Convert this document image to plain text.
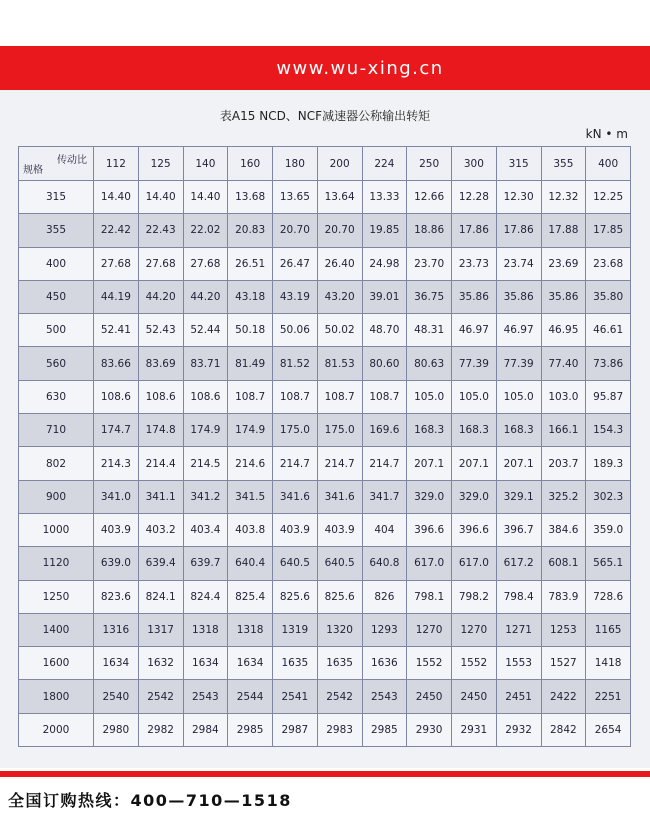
www.wu-xing.cn
表A15 NCD、NCF减速器公称输出转矩
kN • m
传动比
规格	112	125	140	160	180	200	224	250	300	315	355	400
315	14.40	14.40	14.40	13.68	13.65	13.64	13.33	12.66	12.28	12.30	12.32	12.25
355	22.42	22.43	22.02	20.83	20.70	20.70	19.85	18.86	17.86	17.86	17.88	17.85
400	27.68	27.68	27.68	26.51	26.47	26.40	24.98	23.70	23.73	23.74	23.69	23.68
450	44.19	44.20	44.20	43.18	43.19	43.20	39.01	36.75	35.86	35.86	35.86	35.80
500	52.41	52.43	52.44	50.18	50.06	50.02	48.70	48.31	46.97	46.97	46.95	46.61
560	83.66	83.69	83.71	81.49	81.52	81.53	80.60	80.63	77.39	77.39	77.40	73.86
630	108.6	108.6	108.6	108.7	108.7	108.7	108.7	105.0	105.0	105.0	103.0	95.87
710	174.7	174.8	174.9	174.9	175.0	175.0	169.6	168.3	168.3	168.3	166.1	154.3
802	214.3	214.4	214.5	214.6	214.7	214.7	214.7	207.1	207.1	207.1	203.7	189.3
900	341.0	341.1	341.2	341.5	341.6	341.6	341.7	329.0	329.0	329.1	325.2	302.3
1000	403.9	403.2	403.4	403.8	403.9	403.9	404	396.6	396.6	396.7	384.6	359.0
1120	639.0	639.4	639.7	640.4	640.5	640.5	640.8	617.0	617.0	617.2	608.1	565.1
1250	823.6	824.1	824.4	825.4	825.6	825.6	826	798.1	798.2	798.4	783.9	728.6
1400	1316	1317	1318	1318	1319	1320	1293	1270	1270	1271	1253	1165
1600	1634	1632	1634	1634	1635	1635	1636	1552	1552	1553	1527	1418
1800	2540	2542	2543	2544	2541	2542	2543	2450	2450	2451	2422	2251
2000	2980	2982	2984	2985	2987	2983	2985	2930	2931	2932	2842	2654
全国订购热线：400—710—1518
